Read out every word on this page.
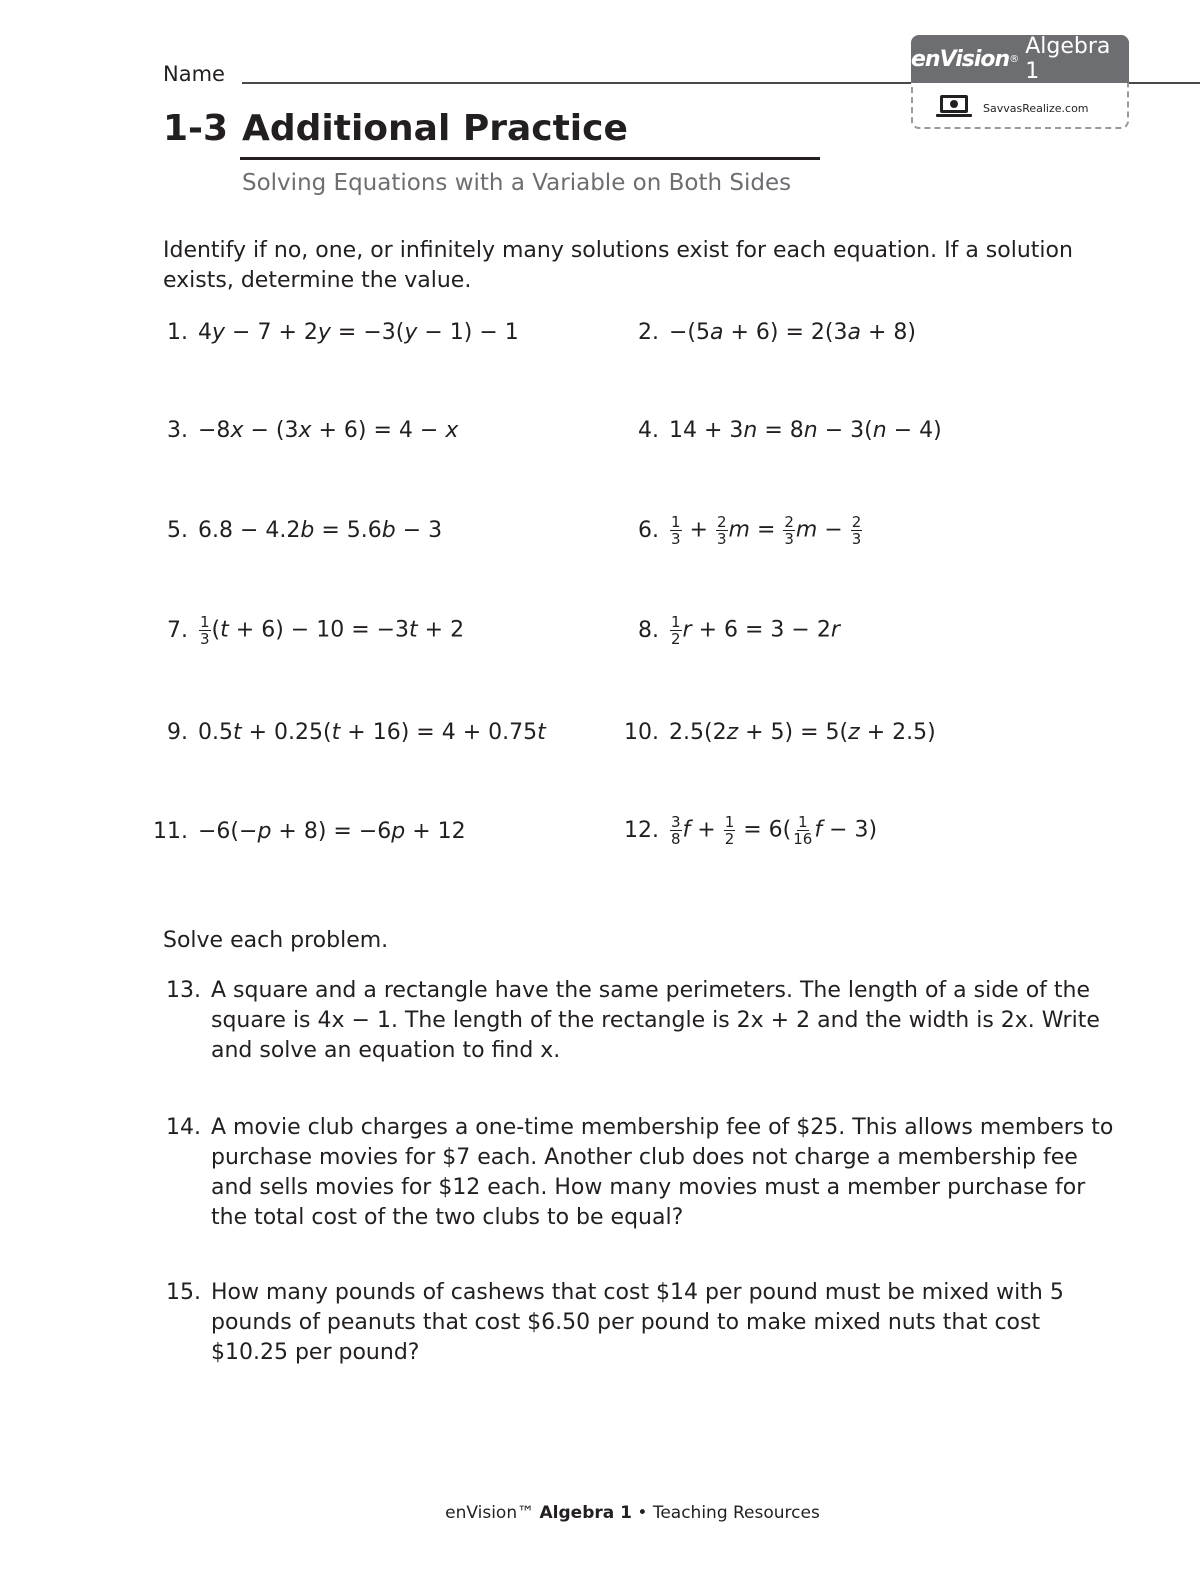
Name
enVision ® Algebra 1
SavvasRealize.com
1-3 Additional Practice
Solving Equations with a Variable on Both Sides
Identify if no, one, or infinitely many solutions exist for each equation. If a solution exists, determine the value.
1. 4y − 7 + 2y = −3(y − 1) − 1
3. −8x − (3x + 6) = 4 − x
5. 6.8 − 4.2b = 5.6b − 3
7. $\frac{1}{3} (t + 6) - 10 = -3t + 2$
9. 0.5t + 0.25(t + 16) = 4 + 0.75t
11. −6(−p + 8) = −6p + 12
2. −(5a + 6) = 2(3a + 8)
4. 14 + 3n = 8n − 3(n − 4)
6. $\frac{1}{3} + \frac{2}{3}$ $m = \frac{2}{3}$ $m - \frac{2}{3}$
8. $\frac{1}{2}$ r + 6 = 3 − 2r
10. 2.5(2z + 5) = 5(z + 2.5)
12. $\frac{3}{8}$ $f + \frac{1}{2} = 6( \frac{1}{16}$ f − 3)
Solve each problem.
13. A square and a rectangle have the same perimeters. The length of a side of the square is 4x − 1. The length of the rectangle is 2x + 2 and the width is 2x. Write and solve an equation to find x.
14. A movie club charges a one-time membership fee of $25. This allows members to purchase movies for $7 each. Another club does not charge a membership fee and sells movies for $12 each. How many movies must a member purchase for the total cost of the two clubs to be equal?
15. How many pounds of cashews that cost $14 per pound must be mixed with 5 pounds of peanuts that cost $6.50 per pound to make mixed nuts that cost $10.25 per pound?
enVision™ Algebra 1 • Teaching Resources
